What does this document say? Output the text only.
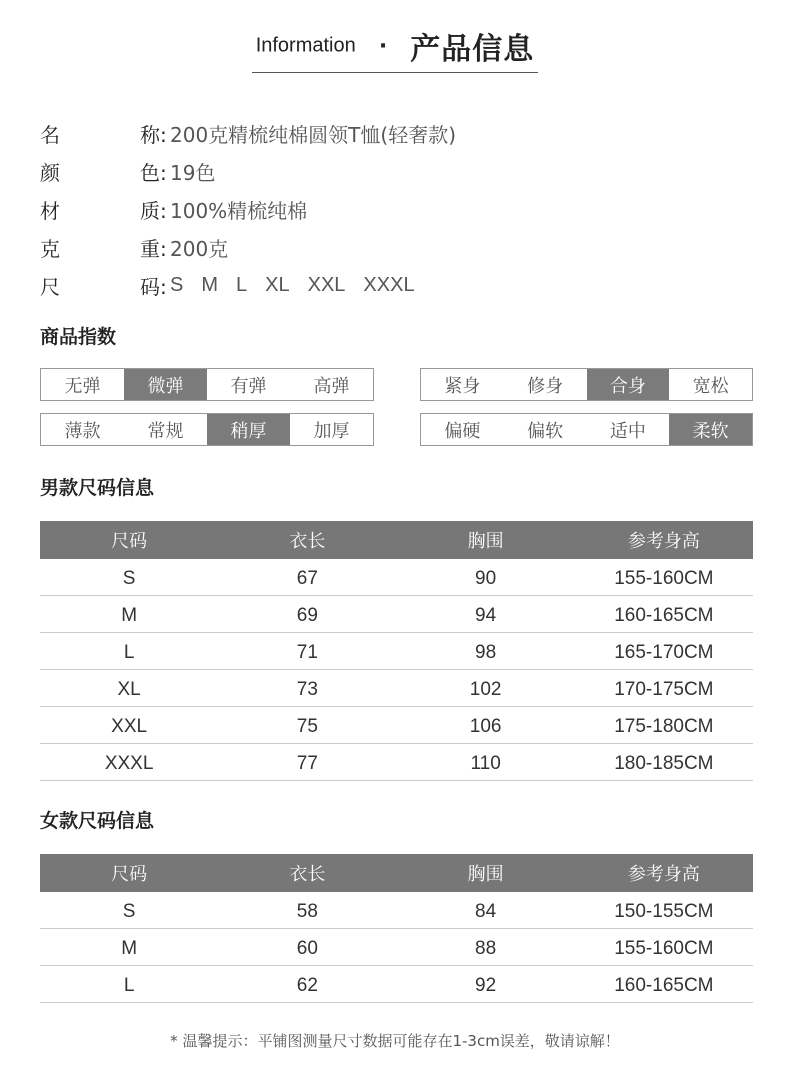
Information · 产品信息
名	称: 200克精梳纯棉圆领T恤(轻奢款)
颜	色: 19色
材	质: 100%精梳纯棉
克	重: 200克
尺	码: S M L XL XXL XXXL
商品指数
无弹	微弹	有弹	高弹	紧身	修身	合身	宽松
薄款	常规	稍厚	加厚	偏硬	偏软	适中	柔软
男款尺码信息
尺码	衣长	胸围	参考身高
S	67	90	155-160CM
M	69	94	160-165CM
L	71	98	165-170CM
XL	73	102	170-175CM
XXL	75	106	175-180CM
XXXL	77	110	180-185CM
女款尺码信息
尺码	衣长	胸围	参考身高
S	58	84	150-155CM
M	60	88	155-160CM
L	62	92	160-165CM
* 温馨提示：平铺图测量尺寸数据可能存在1-3cm误差，敬请谅解！
